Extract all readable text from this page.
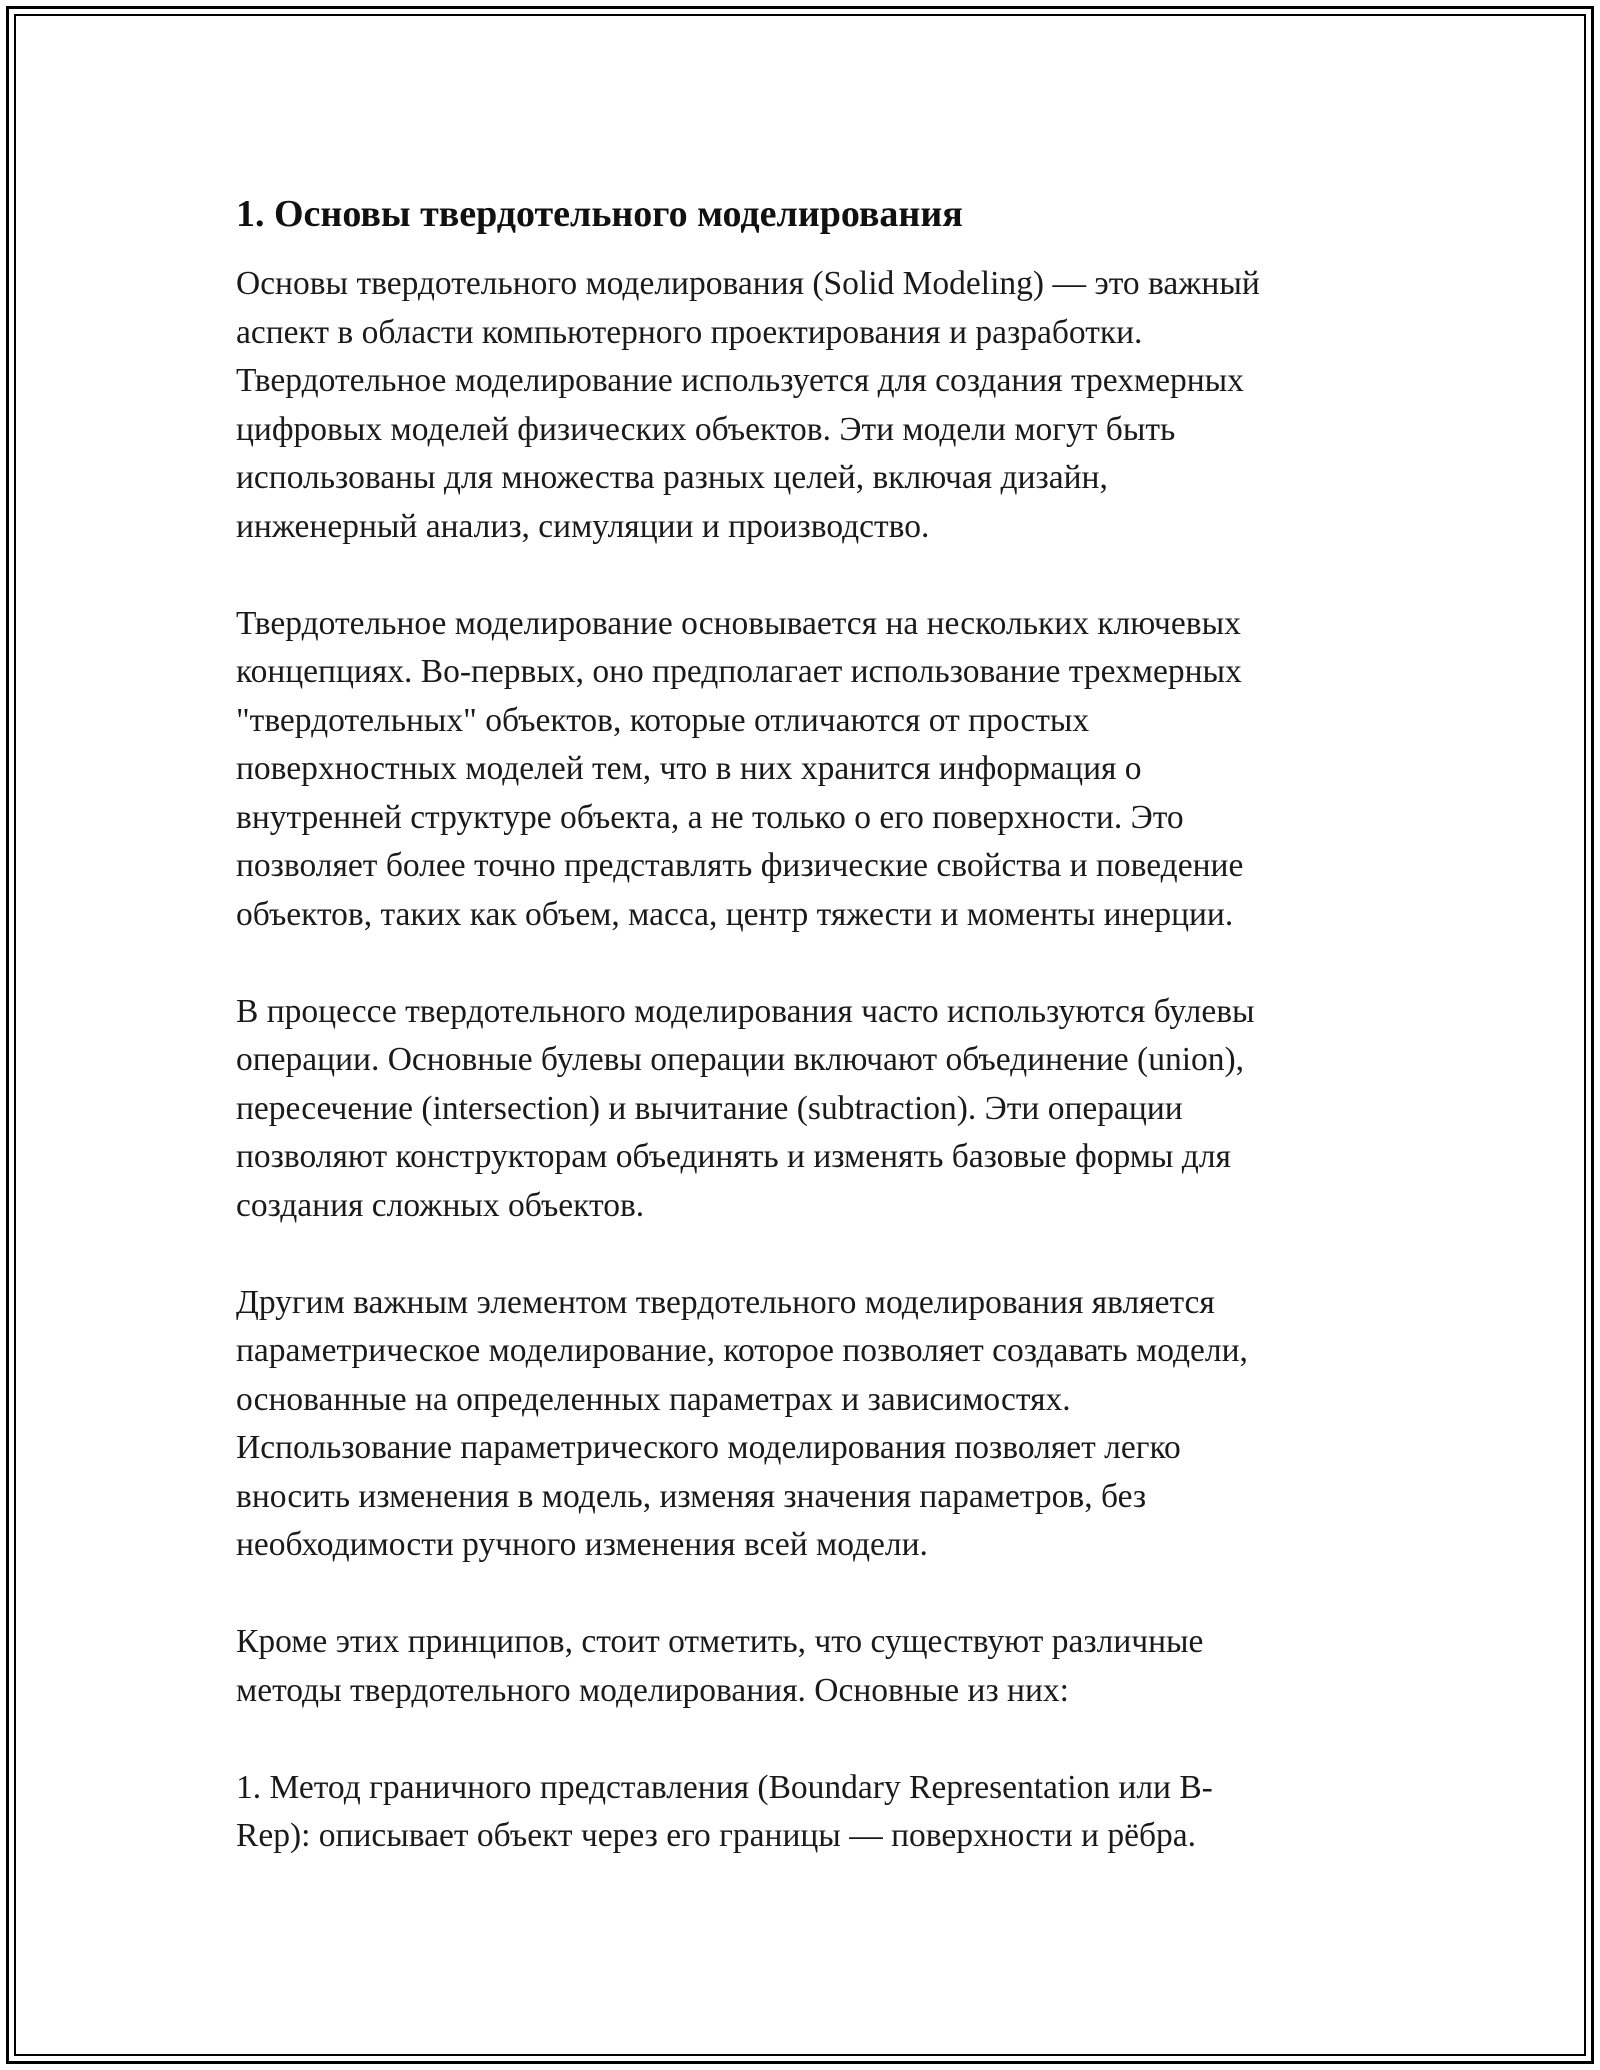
1. Основы твердотельного моделирования

Основы твердотельного моделирования (Solid Modeling) — это важный
аспект в области компьютерного проектирования и разработки.
Твердотельное моделирование используется для создания трехмерных
цифровых моделей физических объектов. Эти модели могут быть
использованы для множества разных целей, включая дизайн,
инженерный анализ, симуляции и производство.

Твердотельное моделирование основывается на нескольких ключевых
концепциях. Во-первых, оно предполагает использование трехмерных
"твердотельных" объектов, которые отличаются от простых
поверхностных моделей тем, что в них хранится информация о
внутренней структуре объекта, а не только о его поверхности. Это
позволяет более точно представлять физические свойства и поведение
объектов, таких как объем, масса, центр тяжести и моменты инерции.

В процессе твердотельного моделирования часто используются булевы
операции. Основные булевы операции включают объединение (union),
пересечение (intersection) и вычитание (subtraction). Эти операции
позволяют конструкторам объединять и изменять базовые формы для
создания сложных объектов.

Другим важным элементом твердотельного моделирования является
параметрическое моделирование, которое позволяет создавать модели,
основанные на определенных параметрах и зависимостях.
Использование параметрического моделирования позволяет легко
вносить изменения в модель, изменяя значения параметров, без
необходимости ручного изменения всей модели.

Кроме этих принципов, стоит отметить, что существуют различные
методы твердотельного моделирования. Основные из них:

1. Метод граничного представления (Boundary Representation или B-
Rep): описывает объект через его границы — поверхности и рёбра.
